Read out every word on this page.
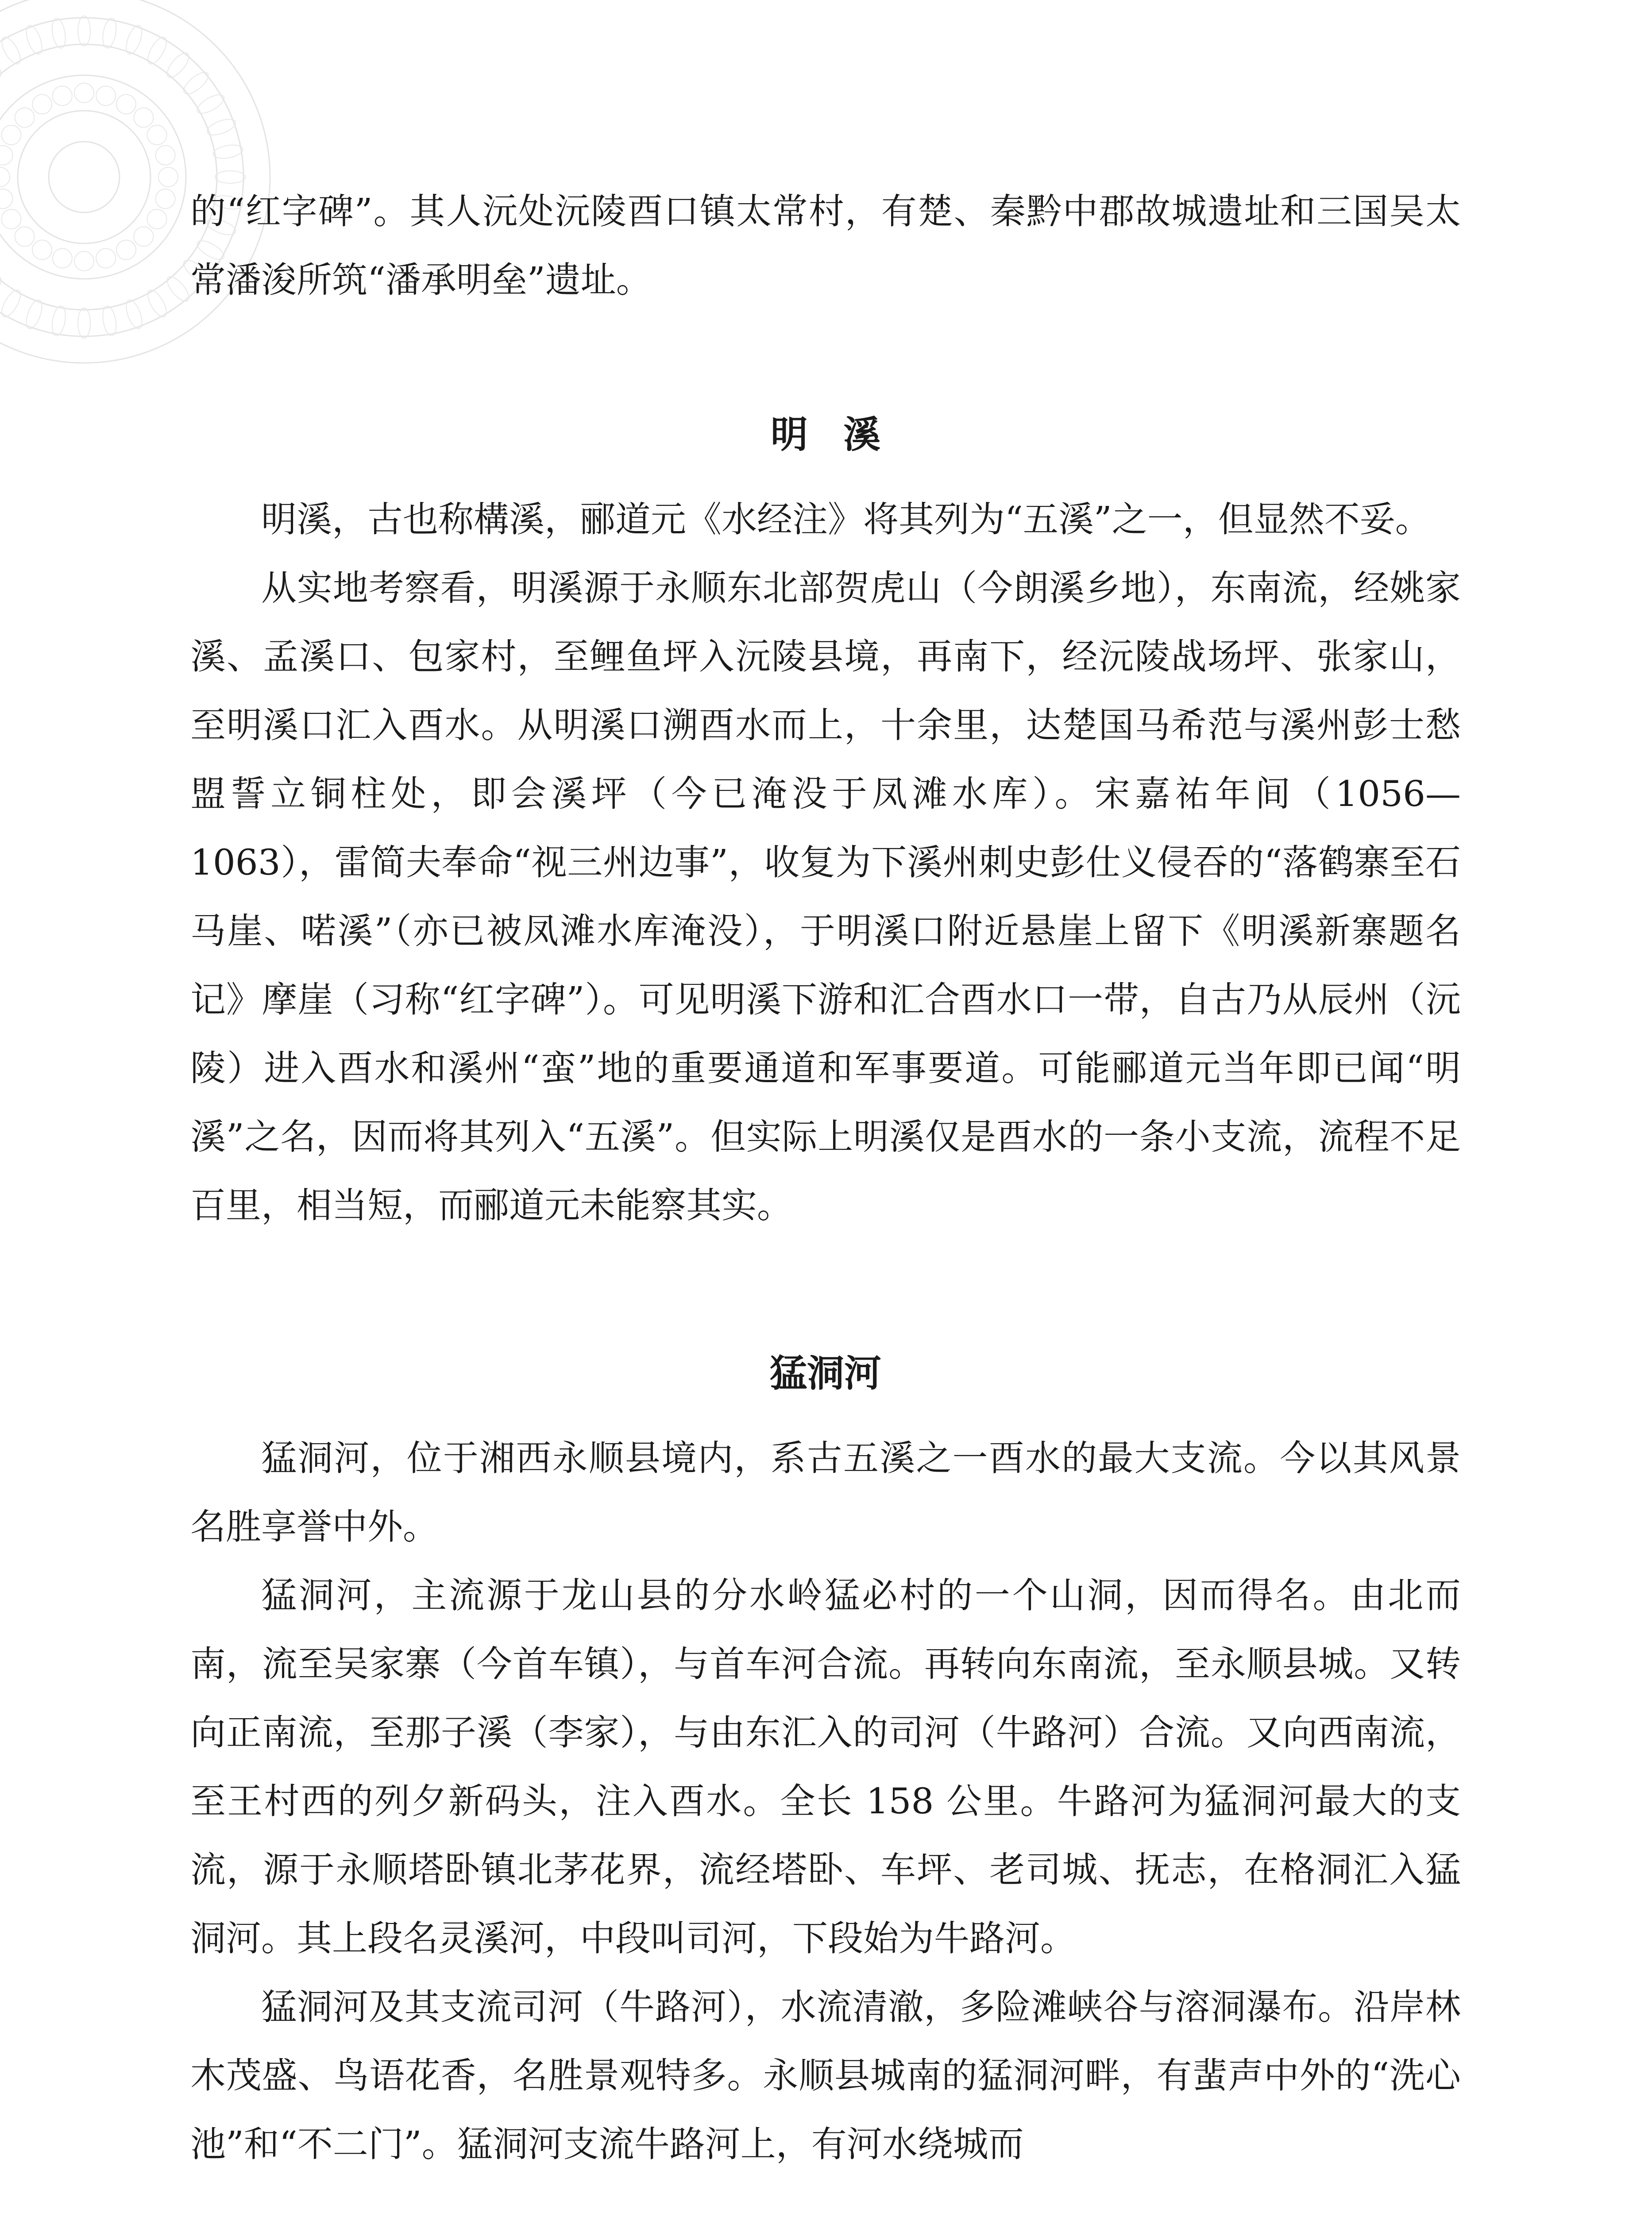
的“红字碑”。其人沅处沅陵酉口镇太常村，有楚、秦黔中郡故城遗址和三国吴太常潘浚所筑“潘承明垒”遗址。

明溪

明溪，古也称構溪，郦道元《水经注》将其列为“五溪”之一，但显然不妥。

从实地考察看，明溪源于永顺东北部贺虎山（今朗溪乡地），东南流，经姚家溪、孟溪口、包家村，至鲤鱼坪入沅陵县境，再南下，经沅陵战场坪、张家山，至明溪口汇入酉水。从明溪口溯酉水而上，十余里，达楚国马希范与溪州彭士愁盟誓立铜柱处，即会溪坪（今已淹没于凤滩水库）。宋嘉祐年间（1056—1063），雷简夫奉命“视三州边事”，收复为下溪州刺史彭仕义侵吞的“落鹤寨至石马崖、喏溪”（亦已被凤滩水库淹没），于明溪口附近悬崖上留下《明溪新寨题名记》摩崖（习称“红字碑”）。可见明溪下游和汇合酉水口一带，自古乃从辰州（沅陵）进入酉水和溪州“蛮”地的重要通道和军事要道。可能郦道元当年即已闻“明溪”之名，因而将其列入“五溪”。但实际上明溪仅是酉水的一条小支流，流程不足百里，相当短，而郦道元未能察其实。

猛洞河

猛洞河，位于湘西永顺县境内，系古五溪之一酉水的最大支流。今以其风景名胜享誉中外。

猛洞河，主流源于龙山县的分水岭猛必村的一个山洞，因而得名。由北而南，流至吴家寨（今首车镇），与首车河合流。再转向东南流，至永顺县城。又转向正南流，至那子溪（李家），与由东汇入的司河（牛路河）合流。又向西南流，至王村西的列夕新码头，注入酉水。全长 158 公里。牛路河为猛洞河最大的支流，源于永顺塔卧镇北茅花界，流经塔卧、车坪、老司城、抚志，在格洞汇入猛洞河。其上段名灵溪河，中段叫司河，下段始为牛路河。

猛洞河及其支流司河（牛路河），水流清澈，多险滩峡谷与溶洞瀑布。沿岸林木茂盛、鸟语花香，名胜景观特多。永顺县城南的猛洞河畔，有蜚声中外的“洗心池”和“不二门”。猛洞河支流牛路河上，有河水绕城而
